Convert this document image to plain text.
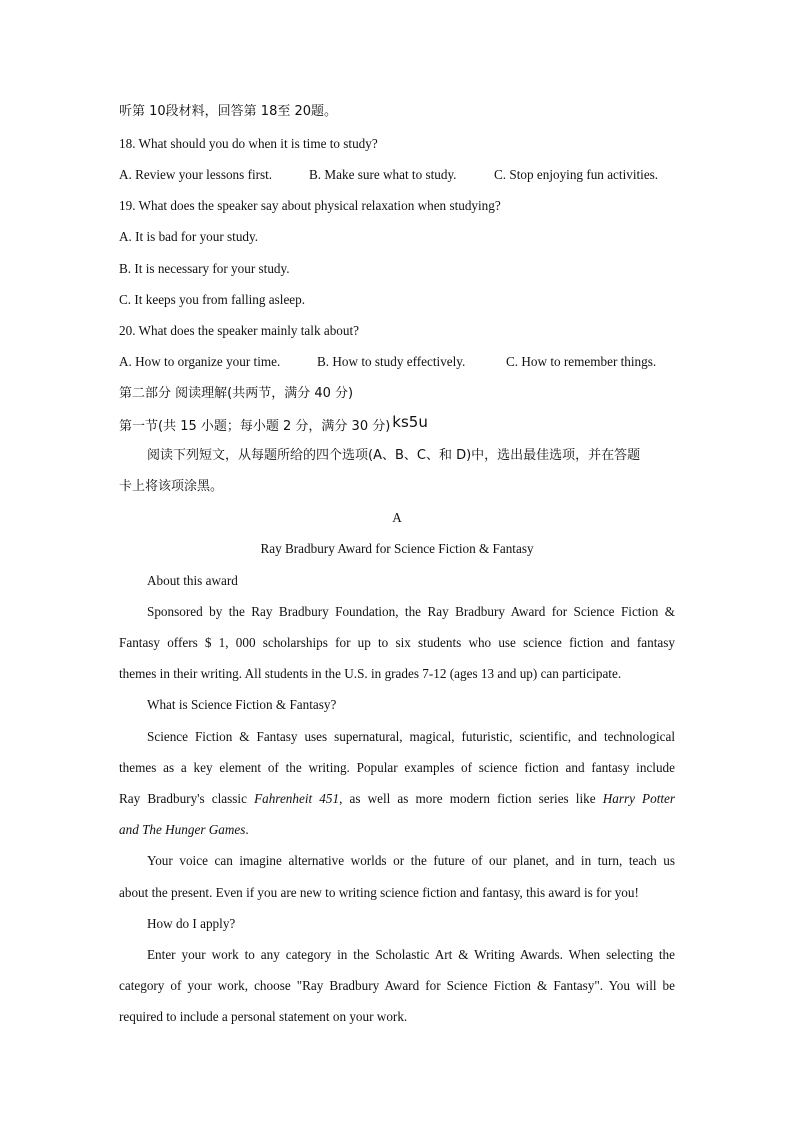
听第 10段材料，回答第 18至 20题。
18. What should you do when it is time to study?
A. Review your lessons first.	B. Make sure what to study.	C. Stop enjoying fun activities.
19. What does the speaker say about physical relaxation when studying?
A. It is bad for your study.
B. It is necessary for your study.
C. It keeps you from falling asleep.
20. What does the speaker mainly talk about?
A. How to organize your time.	B. How to study effectively.	C. How to remember things.
第二部分 阅读理解(共两节，满分 40 分)
第一节(共 15 小题；每小题 2 分，满分 30 分) ks5u
阅读下列短文，从每题所给的四个选项(A、B、C、和 D)中，选出最佳选项，并在答题
卡上将该项涂黑。
A
Ray Bradbury Award for Science Fiction & Fantasy
About this award
Sponsored by the Ray Bradbury Foundation, the Ray Bradbury Award for Science Fiction &
Fantasy offers $ 1, 000 scholarships for up to six students who use science fiction and fantasy
themes in their writing. All students in the U.S. in grades 7-12 (ages 13 and up) can participate.
What is Science Fiction & Fantasy?
Science Fiction & Fantasy uses supernatural, magical, futuristic, scientific, and technological
themes as a key element of the writing. Popular examples of science fiction and fantasy include
Ray Bradbury's classic Fahrenheit 451, as well as more modern fiction series like Harry Potter
and The Hunger Games.
Your voice can imagine alternative worlds or the future of our planet, and in turn, teach us
about the present. Even if you are new to writing science fiction and fantasy, this award is for you!
How do I apply?
Enter your work to any category in the Scholastic Art & Writing Awards. When selecting the
category of your work, choose "Ray Bradbury Award for Science Fiction & Fantasy". You will be
required to include a personal statement on your work.
